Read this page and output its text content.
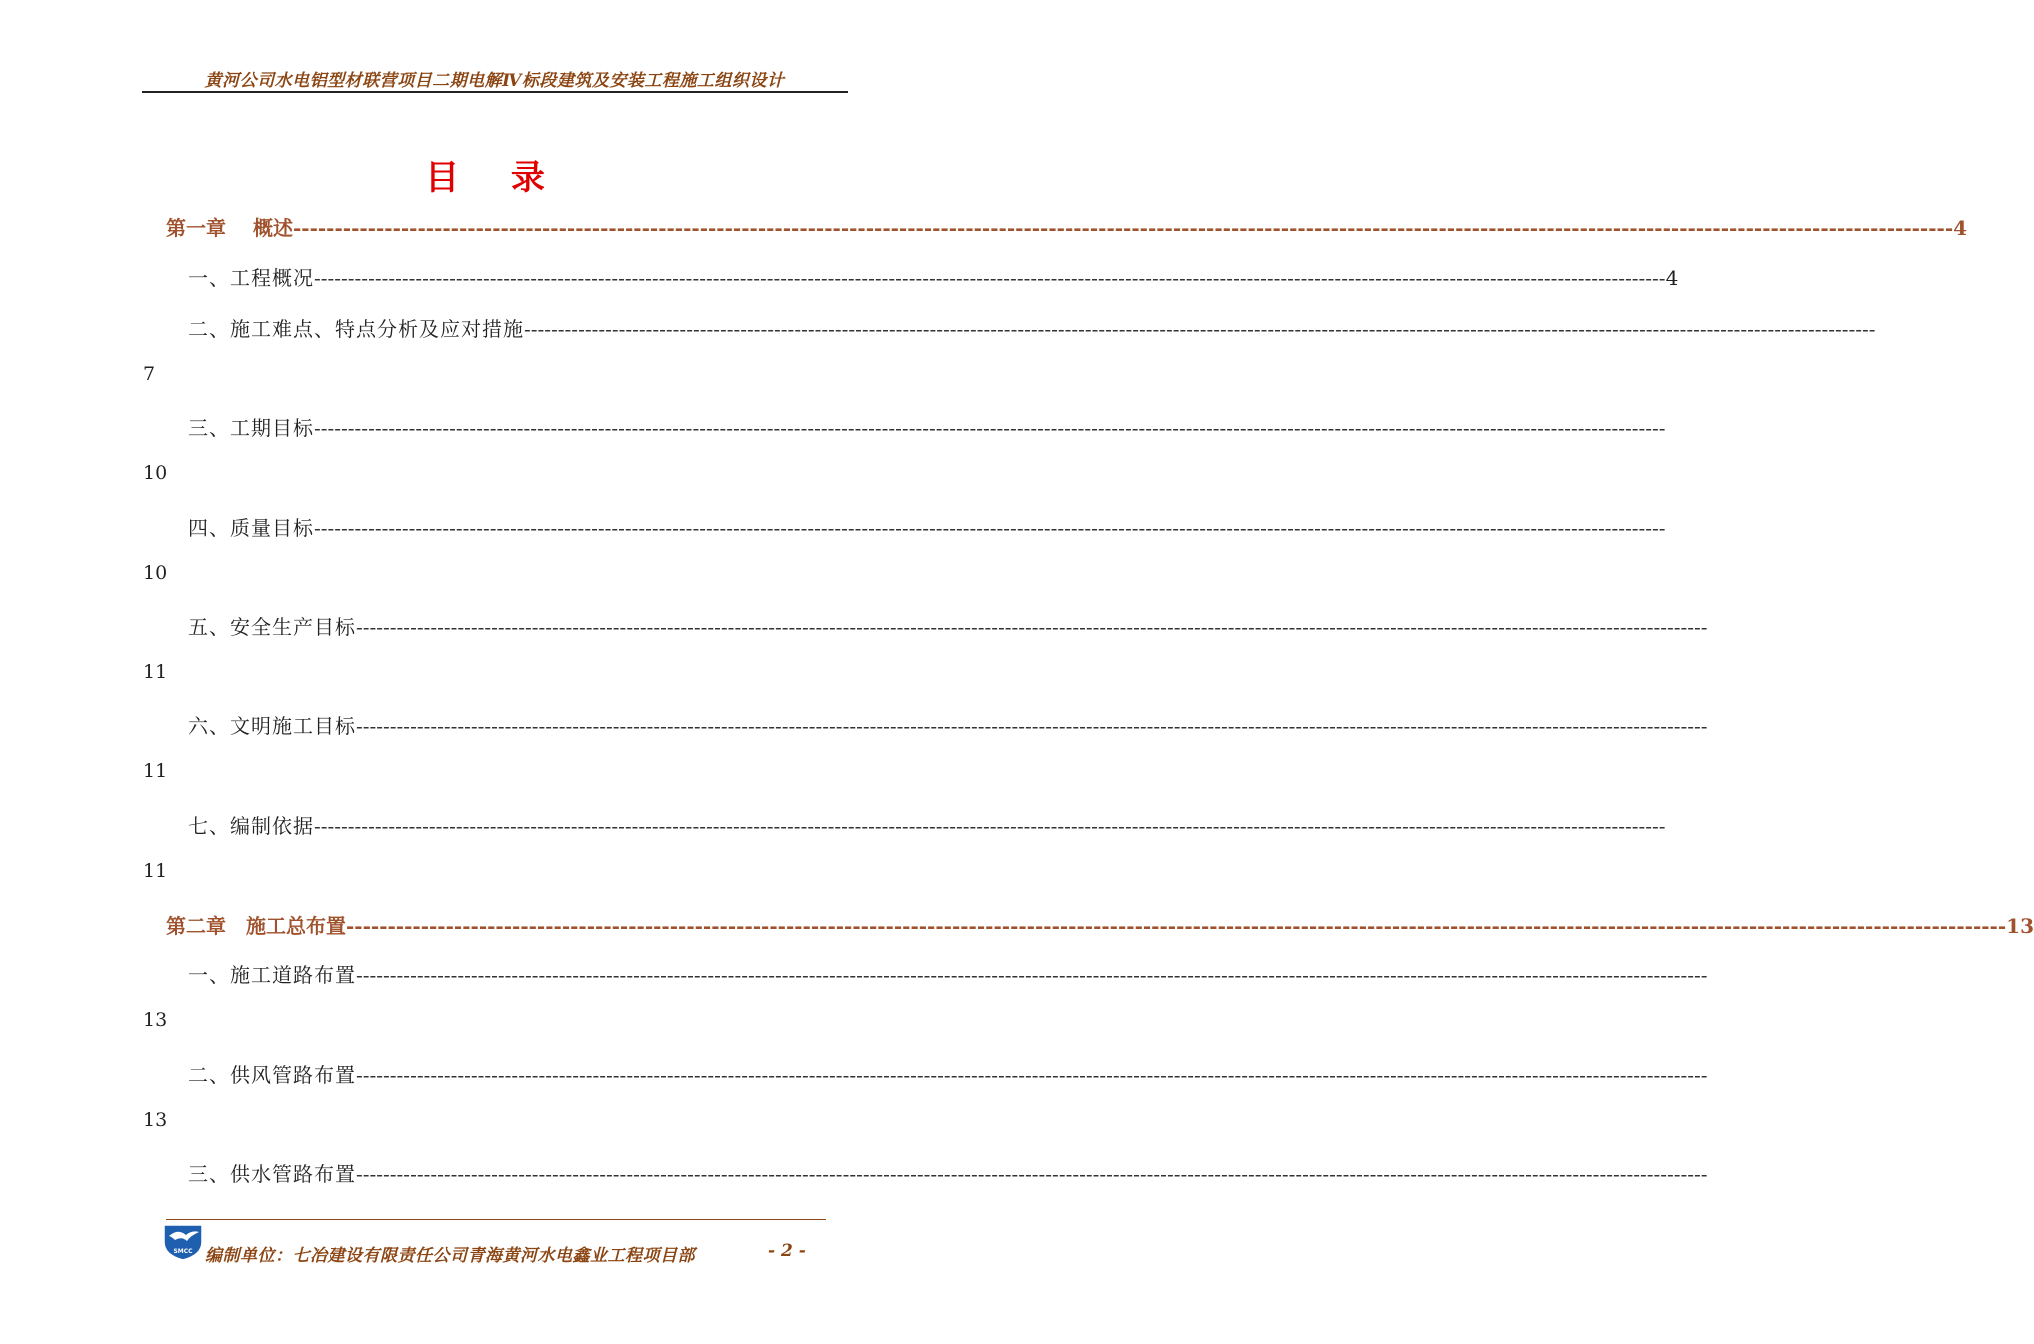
黄河公司水电铝型材联营项目二期电解Ⅳ标段建筑及安装工程施工组织设计
目 录
第一章　 概述 -------------------------------------------------------------------------------------------------------------------------------------------------------------------------------------------------------- 4
一、工程概况 -------------------------------------------------------------------------------------------------------------------------------------------------------------------------------------------------------- 4
二、施工难点、特点分析及应对措施 --------------------------------------------------------------------------------------------------------------------------------------------------------------------------------------------------------
7
三、工期目标 --------------------------------------------------------------------------------------------------------------------------------------------------------------------------------------------------------
10
四、质量目标 --------------------------------------------------------------------------------------------------------------------------------------------------------------------------------------------------------
10
五、安全生产目标 --------------------------------------------------------------------------------------------------------------------------------------------------------------------------------------------------------
11
六、文明施工目标 --------------------------------------------------------------------------------------------------------------------------------------------------------------------------------------------------------
11
七、编制依据 --------------------------------------------------------------------------------------------------------------------------------------------------------------------------------------------------------
11
第二章　施工总布置 -------------------------------------------------------------------------------------------------------------------------------------------------------------------------------------------------------- 13
一、施工道路布置 --------------------------------------------------------------------------------------------------------------------------------------------------------------------------------------------------------
13
二、供风管路布置 --------------------------------------------------------------------------------------------------------------------------------------------------------------------------------------------------------
13
三、供水管路布置 --------------------------------------------------------------------------------------------------------------------------------------------------------------------------------------------------------
SMCC 编制单位：七冶建设有限责任公司青海黄河水电鑫业工程项目部	- 2 -
